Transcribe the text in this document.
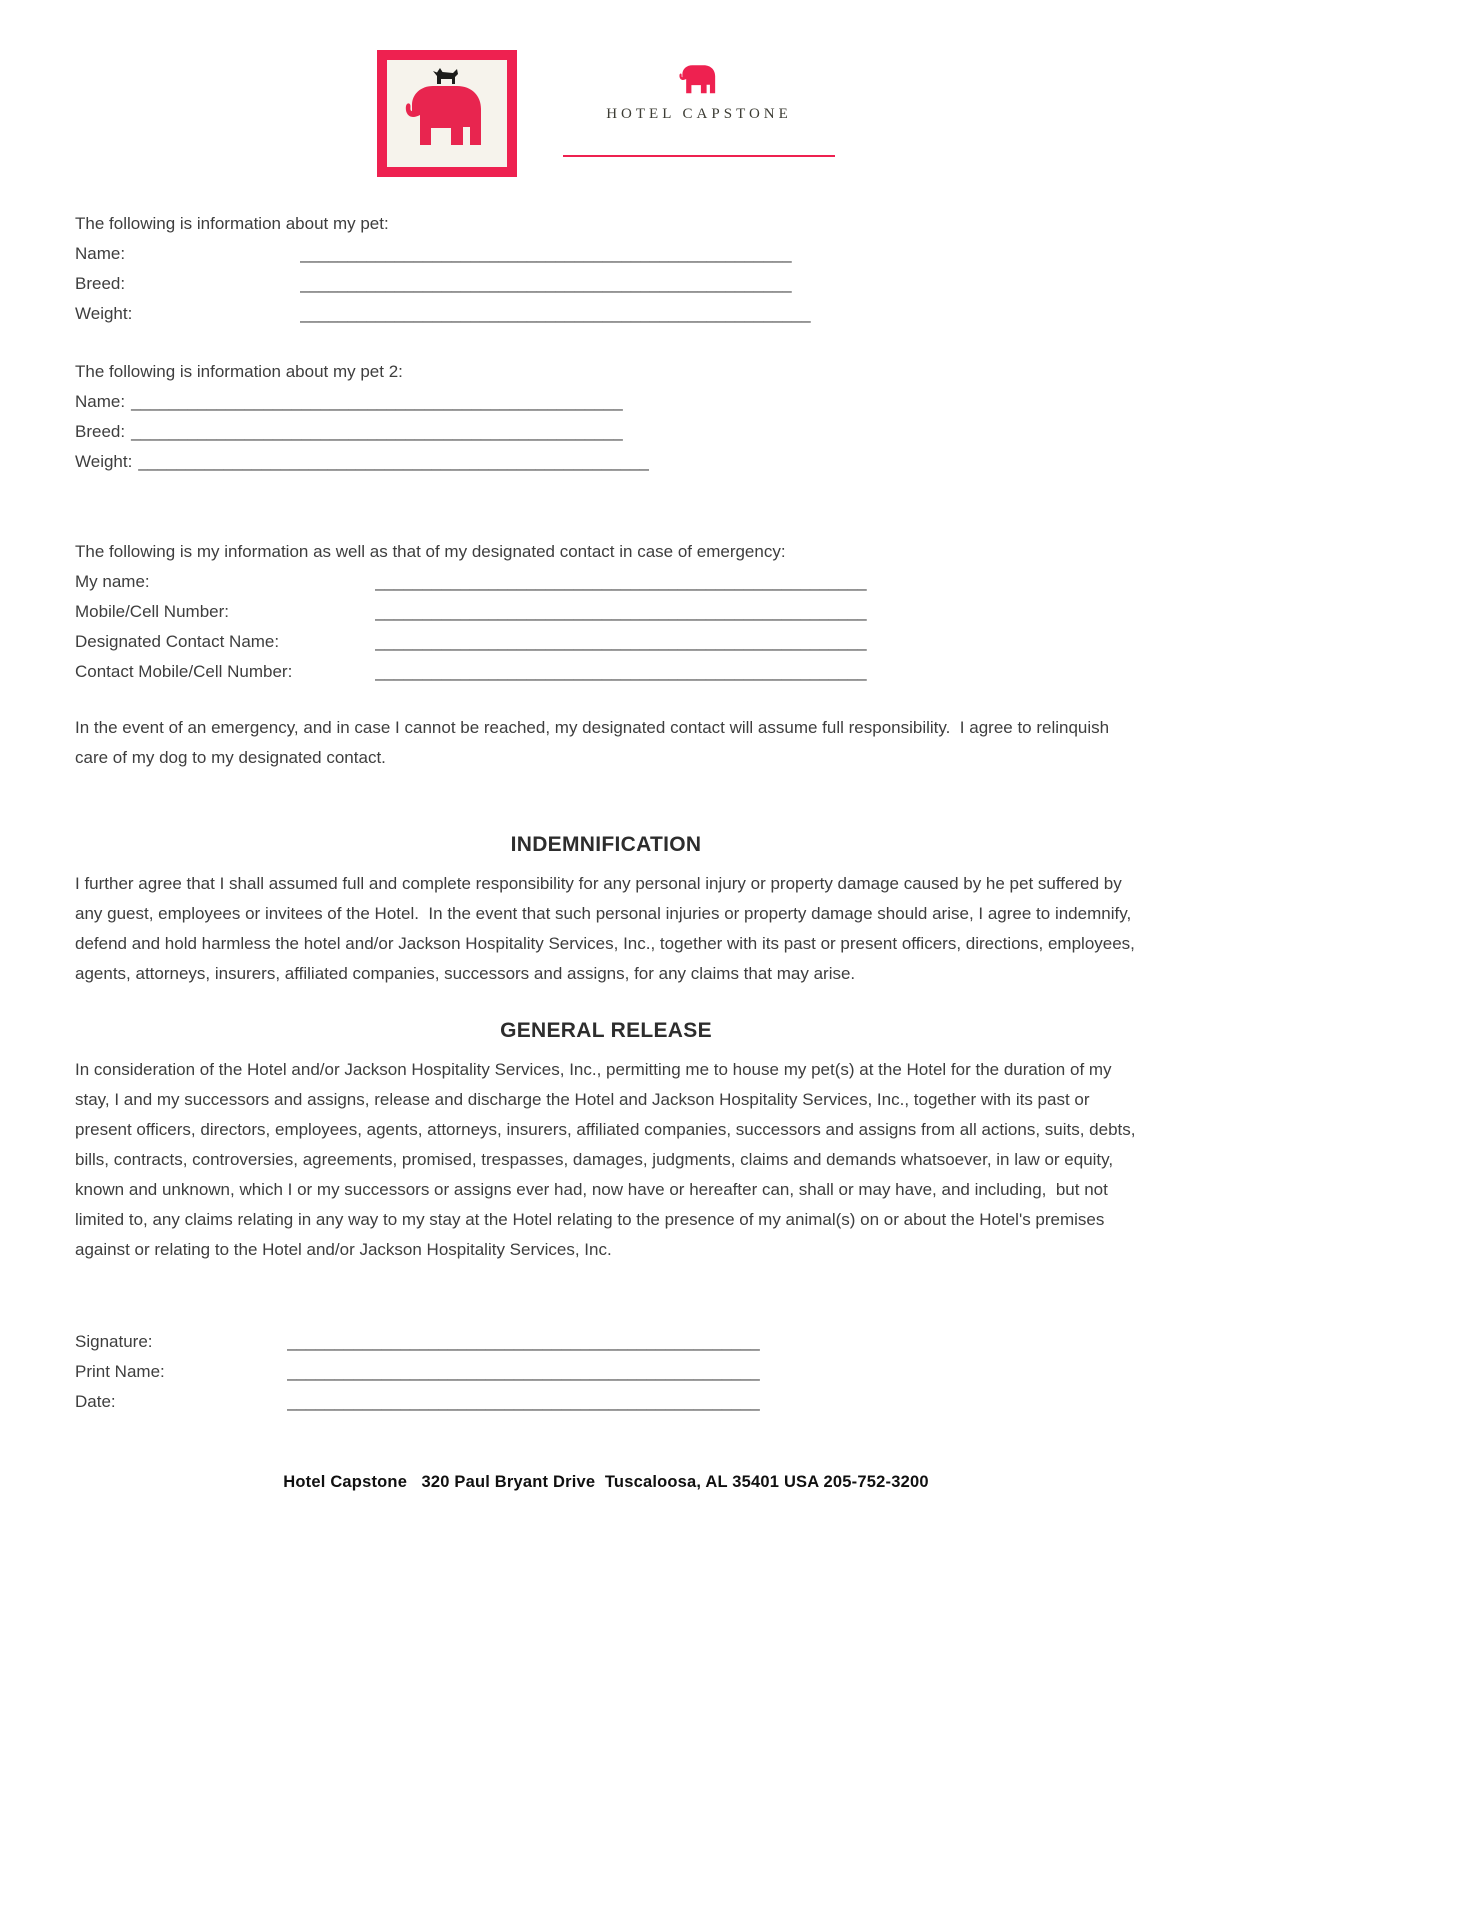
HOTEL CAPSTONE
The following is information about my pet:
Name:	____________________________________________________
Breed:	____________________________________________________
Weight:	______________________________________________________
The following is information about my pet 2:
Name: ____________________________________________________
Breed: ____________________________________________________
Weight: ______________________________________________________
The following is my information as well as that of my designated contact in case of emergency:
My name:	____________________________________________________
Mobile/Cell Number:	____________________________________________________
Designated Contact Name:	____________________________________________________
Contact Mobile/Cell Number:	____________________________________________________
In the event of an emergency, and in case I cannot be reached, my designated contact will assume full responsibility.  I agree to relinquish care of my dog to my designated contact.
INDEMNIFICATION
I further agree that I shall assumed full and complete responsibility for any personal injury or property damage caused by he pet suffered by any guest, employees or invitees of the Hotel.  In the event that such personal injuries or property damage should arise, I agree to indemnify, defend and hold harmless the hotel and/or Jackson Hospitality Services, Inc., together with its past or present officers, directions, employees, agents, attorneys, insurers, affiliated companies, successors and assigns, for any claims that may arise.
GENERAL RELEASE
In consideration of the Hotel and/or Jackson Hospitality Services, Inc., permitting me to house my pet(s) at the Hotel for the duration of my stay, I and my successors and assigns, release and discharge the Hotel and Jackson Hospitality Services, Inc., together with its past or present officers, directors, employees, agents, attorneys, insurers, affiliated companies, successors and assigns from all actions, suits, debts, bills, contracts, controversies, agreements, promised, trespasses, damages, judgments, claims and demands whatsoever, in law or equity, known and unknown, which I or my successors or assigns ever had, now have or hereafter can, shall or may have, and including,  but not limited to, any claims relating in any way to my stay at the Hotel relating to the presence of my animal(s) on or about the Hotel's premises against or relating to the Hotel and/or Jackson Hospitality Services, Inc.
Signature:	__________________________________________________
Print Name:	__________________________________________________
Date:	__________________________________________________
Hotel Capstone   320 Paul Bryant Drive  Tuscaloosa, AL 35401 USA 205-752-3200
